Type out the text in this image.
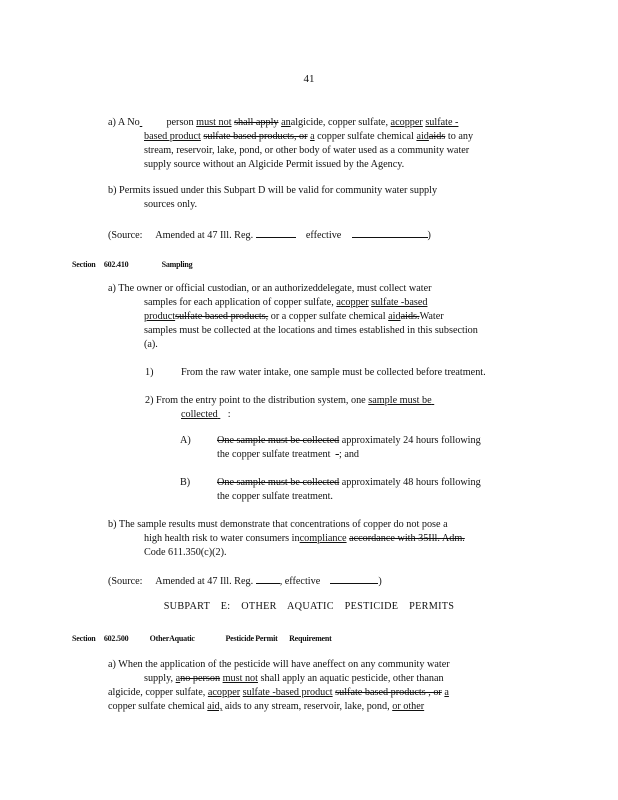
41
a) A No	person must not shall apply analgicide, copper sulfate, acopper sulfate -
based product sulfate based products, or a copper sulfate chemical aidaids to any
stream, reservoir, lake, pond, or other body of water used as a community water
supply source without an Algicide Permit issued by the Agency.
b) Permits issued under this Subpart D will be valid for community water supply
sources only.
(Source: Amended at 47 Ill. Reg.	effective	)
Section 602.410	Sampling
a) The owner or official custodian, or an authorizeddelegate, must collect water
samples for each application of copper sulfate, acopper sulfate -based
productsulfate based products, or a copper sulfate chemical aidaids.Water
samples must be collected at the locations and times established in this subsection
(a).
1)	From the raw water intake, one sample must be collected before treatment.
2) From the entry point to the distribution system, one sample must be
collected :
A)	One sample must be collected approximately 24 hours following
the copper sulfate treatment -; and
B)	One sample must be collected approximately 48 hours following
the copper sulfate treatment.
b) The sample results must demonstrate that concentrations of copper do not pose a
high health risk to water consumers incompliance accordance with 35Ill. Adm.
Code 611.350(c)(2).
(Source: Amended at 47 Ill. Reg.	, effective	)
SUBPART E: OTHER AQUATIC PESTICIDE PERMITS
Section 602.500	OtherAquatic	Pesticide Permit Requirement
a) When the application of the pesticide will have aneffect on any community water
supply, ano person must not shall apply an aquatic pesticide, other thanan
algicide, copper sulfate, acopper sulfate -based product sulfate based products , or a
copper sulfate chemical aid, aids to any stream, reservoir, lake, pond, or other
